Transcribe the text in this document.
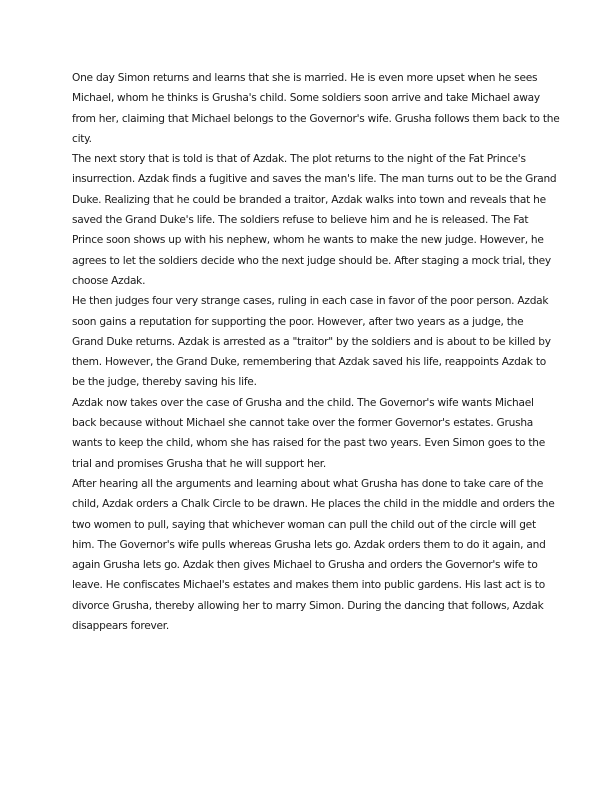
One day Simon returns and learns that she is married. He is even more upset when he sees
Michael, whom he thinks is Grusha's child. Some soldiers soon arrive and take Michael away
from her, claiming that Michael belongs to the Governor's wife. Grusha follows them back to the
city.

The next story that is told is that of Azdak. The plot returns to the night of the Fat Prince's
insurrection. Azdak finds a fugitive and saves the man's life. The man turns out to be the Grand
Duke. Realizing that he could be branded a traitor, Azdak walks into town and reveals that he
saved the Grand Duke's life. The soldiers refuse to believe him and he is released. The Fat
Prince soon shows up with his nephew, whom he wants to make the new judge. However, he
agrees to let the soldiers decide who the next judge should be. After staging a mock trial, they
choose Azdak.

He then judges four very strange cases, ruling in each case in favor of the poor person. Azdak
soon gains a reputation for supporting the poor. However, after two years as a judge, the
Grand Duke returns. Azdak is arrested as a "traitor" by the soldiers and is about to be killed by
them. However, the Grand Duke, remembering that Azdak saved his life, reappoints Azdak to
be the judge, thereby saving his life.

Azdak now takes over the case of Grusha and the child. The Governor's wife wants Michael
back because without Michael she cannot take over the former Governor's estates. Grusha
wants to keep the child, whom she has raised for the past two years. Even Simon goes to the
trial and promises Grusha that he will support her.

After hearing all the arguments and learning about what Grusha has done to take care of the
child, Azdak orders a Chalk Circle to be drawn. He places the child in the middle and orders the
two women to pull, saying that whichever woman can pull the child out of the circle will get
him. The Governor's wife pulls whereas Grusha lets go. Azdak orders them to do it again, and
again Grusha lets go. Azdak then gives Michael to Grusha and orders the Governor's wife to
leave. He confiscates Michael's estates and makes them into public gardens. His last act is to
divorce Grusha, thereby allowing her to marry Simon. During the dancing that follows, Azdak
disappears forever.
